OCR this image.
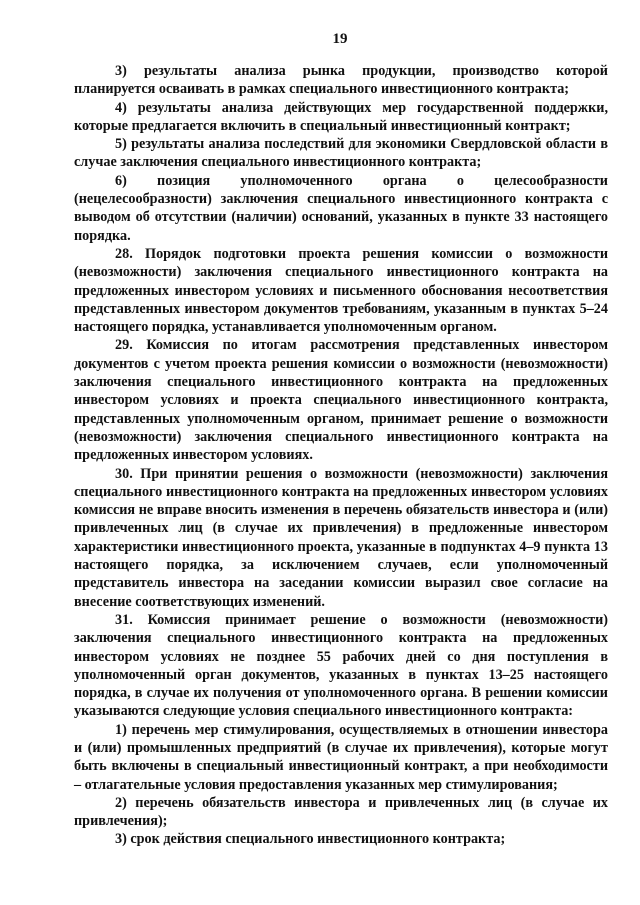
19

3) результаты анализа рынка продукции, производство которой планируется осваивать в рамках специального инвестиционного контракта;

4) результаты анализа действующих мер государственной поддержки, которые предлагается включить в специальный инвестиционный контракт;

5) результаты анализа последствий для экономики Свердловской области в случае заключения специального инвестиционного контракта;

6) позиция уполномоченного органа о целесообразности (нецелесообразности) заключения специального инвестиционного контракта с выводом об отсутствии (наличии) оснований, указанных в пункте 33 настоящего порядка.

28. Порядок подготовки проекта решения комиссии о возможности (невозможности) заключения специального инвестиционного контракта на предложенных инвестором условиях и письменного обоснования несоответствия представленных инвестором документов требованиям, указанным в пунктах 5–24 настоящего порядка, устанавливается уполномоченным органом.

29. Комиссия по итогам рассмотрения представленных инвестором документов с учетом проекта решения комиссии о возможности (невозможности) заключения специального инвестиционного контракта на предложенных инвестором условиях и проекта специального инвестиционного контракта, представленных уполномоченным органом, принимает решение о возможности (невозможности) заключения специального инвестиционного контракта на предложенных инвестором условиях.

30. При принятии решения о возможности (невозможности) заключения специального инвестиционного контракта на предложенных инвестором условиях комиссия не вправе вносить изменения в перечень обязательств инвестора и (или) привлеченных лиц (в случае их привлечения) в предложенные инвестором характеристики инвестиционного проекта, указанные в подпунктах 4–9 пункта 13 настоящего порядка, за исключением случаев, если уполномоченный представитель инвестора на заседании комиссии выразил свое согласие на внесение соответствующих изменений.

31. Комиссия принимает решение о возможности (невозможности) заключения специального инвестиционного контракта на предложенных инвестором условиях не позднее 55 рабочих дней со дня поступления в уполномоченный орган документов, указанных в пунктах 13–25 настоящего порядка, в случае их получения от уполномоченного органа. В решении комиссии указываются следующие условия специального инвестиционного контракта:

1) перечень мер стимулирования, осуществляемых в отношении инвестора и (или) промышленных предприятий (в случае их привлечения), которые могут быть включены в специальный инвестиционный контракт, а при необходимости – отлагательные условия предоставления указанных мер стимулирования;

2) перечень обязательств инвестора и привлеченных лиц (в случае их привлечения);

3) срок действия специального инвестиционного контракта;
